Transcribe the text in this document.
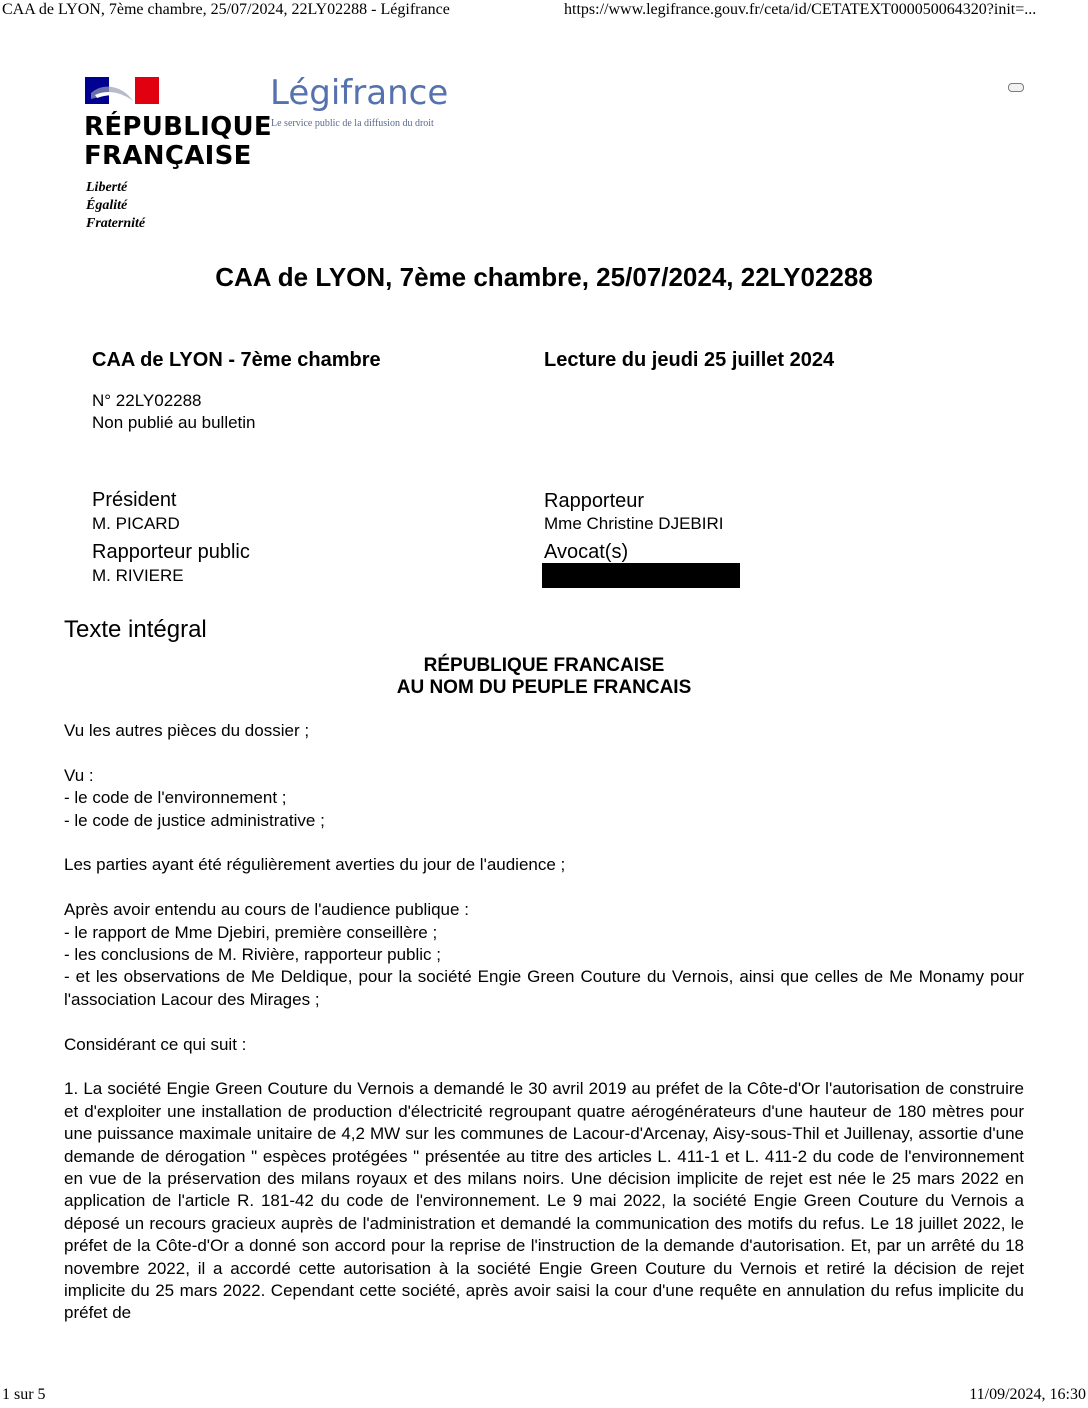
CAA de LYON, 7ème chambre, 25/07/2024, 22LY02288 - Légifrance	https://www.legifrance.gouv.fr/ceta/id/CETATEXT000050064320?init=...
RÉPUBLIQUE
FRANÇAISE
Liberté
Égalité
Fraternité
Légifrance
Le service public de la diffusion du droit
CAA de LYON, 7ème chambre, 25/07/2024, 22LY02288
CAA de LYON - 7ème chambre	Lecture du jeudi 25 juillet 2024
N° 22LY02288
Non publié au bulletin
Président
M. PICARD
Rapporteur public
M. RIVIERE
Rapporteur
Mme Christine DJEBIRI
Avocat(s)
Texte intégral
RÉPUBLIQUE FRANCAISE
AU NOM DU PEUPLE FRANCAIS

Vu les autres pièces du dossier ;

Vu :
- le code de l'environnement ;
- le code de justice administrative ;

Les parties ayant été régulièrement averties du jour de l'audience ;

Après avoir entendu au cours de l'audience publique :
- le rapport de Mme Djebiri, première conseillère ;
- les conclusions de M. Rivière, rapporteur public ;
- et les observations de Me Deldique, pour la société Engie Green Couture du Vernois, ainsi que celles de Me Monamy pour l'association Lacour des Mirages ;

Considérant ce qui suit :

1. La société Engie Green Couture du Vernois a demandé le 30 avril 2019 au préfet de la Côte-d'Or l'autorisation de construire et d'exploiter une installation de production d'électricité regroupant quatre aérogénérateurs d'une hauteur de 180 mètres pour une puissance maximale unitaire de 4,2 MW sur les communes de Lacour-d'Arcenay, Aisy-sous-Thil et Juillenay, assortie d'une demande de dérogation " espèces protégées " présentée au titre des articles L. 411-1 et L. 411-2 du code de l'environnement en vue de la préservation des milans royaux et des milans noirs. Une décision implicite de rejet est née le 25 mars 2022 en application de l'article R. 181-42 du code de l'environnement. Le 9 mai 2022, la société Engie Green Couture du Vernois a déposé un recours gracieux auprès de l'administration et demandé la communication des motifs du refus. Le 18 juillet 2022, le préfet de la Côte-d'Or a donné son accord pour la reprise de l'instruction de la demande d'autorisation. Et, par un arrêté du 18 novembre 2022, il a accordé cette autorisation à la société Engie Green Couture du Vernois et retiré la décision de rejet implicite du 25 mars 2022. Cependant cette société, après avoir saisi la cour d'une requête en annulation du refus implicite du préfet de

1 sur 5	11/09/2024, 16:30
